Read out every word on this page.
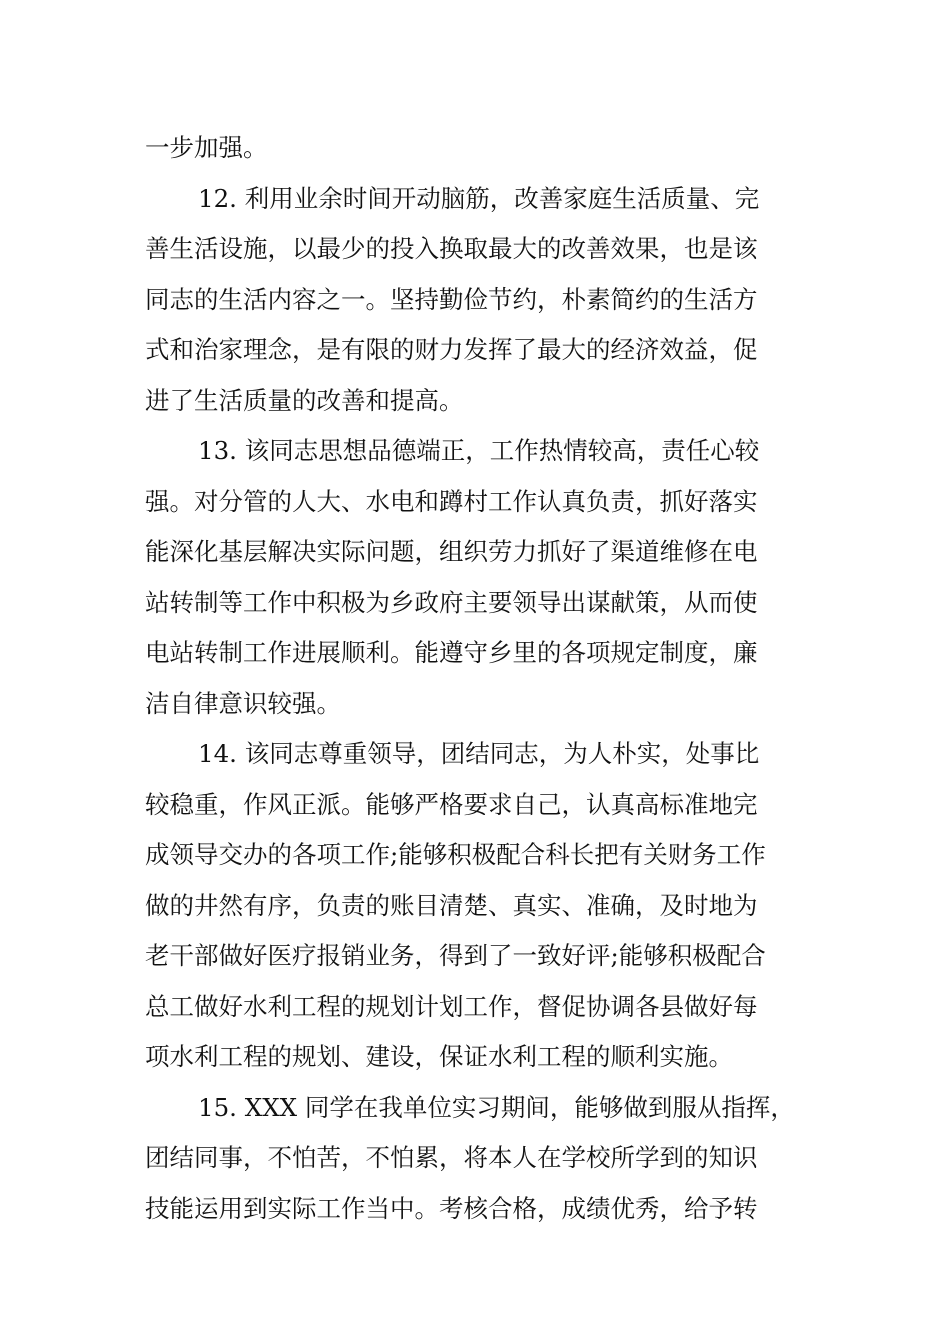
一步加强。
12. 利用业余时间开动脑筋，改善家庭生活质量、完
善生活设施，以最少的投入换取最大的改善效果，也是该
同志的生活内容之一。坚持勤俭节约，朴素简约的生活方
式和治家理念，是有限的财力发挥了最大的经济效益，促
进了生活质量的改善和提高。
13. 该同志思想品德端正，工作热情较高，责任心较
强。对分管的人大、水电和蹲村工作认真负责，抓好落实
能深化基层解决实际问题，组织劳力抓好了渠道维修在电
站转制等工作中积极为乡政府主要领导出谋献策，从而使
电站转制工作进展顺利。能遵守乡里的各项规定制度，廉
洁自律意识较强。
14. 该同志尊重领导，团结同志，为人朴实，处事比
较稳重，作风正派。能够严格要求自己，认真高标准地完
成领导交办的各项工作;能够积极配合科长把有关财务工作
做的井然有序，负责的账目清楚、真实、准确，及时地为
老干部做好医疗报销业务，得到了一致好评;能够积极配合
总工做好水利工程的规划计划工作，督促协调各县做好每
项水利工程的规划、建设，保证水利工程的顺利实施。
15. XXX 同学在我单位实习期间，能够做到服从指挥，
团结同事，不怕苦，不怕累，将本人在学校所学到的知识
技能运用到实际工作当中。考核合格，成绩优秀，给予转
